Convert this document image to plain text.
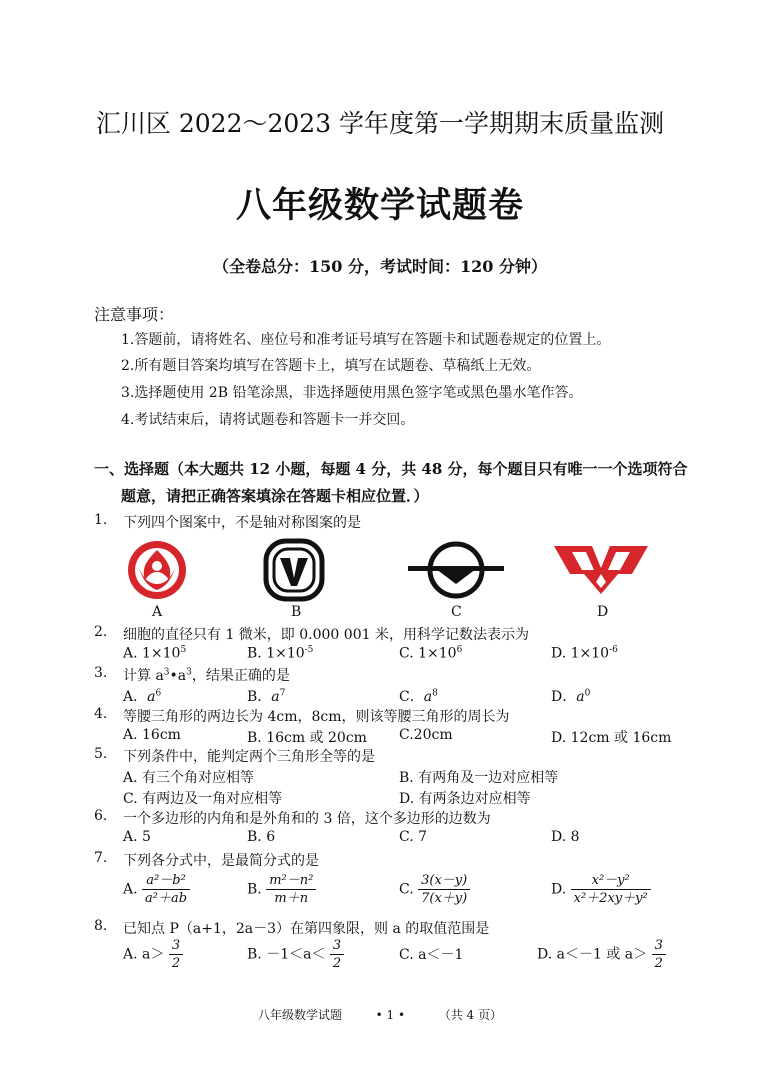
汇川区 2022～2023 学年度第一学期期末质量监测
八年级数学试题卷
（全卷总分：150 分，考试时间：120 分钟）
注意事项：
1.答题前，请将姓名、座位号和准考证号填写在答题卡和试题卷规定的位置上。
2.所有题目答案均填写在答题卡上，填写在试题卷、草稿纸上无效。
3.选择题使用 2B 铅笔涂黑，非选择题使用黑色签字笔或黑色墨水笔作答。
4.考试结束后，请将试题卷和答题卡一并交回。
一、选择题（本大题共 12 小题，每题 4 分，共 48 分，每个题目只有唯一一个选项符合
题意，请把正确答案填涂在答题卡相应位置．）
1. 下列四个图案中，不是轴对称图案的是
A	B	C	D
2. 细胞的直径只有 1 微米，即 0.000 001 米，用科学记数法表示为
A. $1\times 10^5$	B. $1\times 10^{-5}$	C. $1\times 10^6$	D. $1\times 10^{-6}$
3. 计算 $a^3•a^3$，结果正确的是
A．$a^6$	B．$a^7$	C．$a^8$	D．$a^0$
4. 等腰三角形的两边长为 4cm，8cm，则该等腰三角形的周长为
A. 16cm	B. 16cm 或 20cm C.20cm	D. 12cm 或 16cm
5. 下列条件中，能判定两个三角形全等的是
A. 有三个角对应相等	B. 有两角及一边对应相等
C. 有两边及一角对应相等	D. 有两条边对应相等
6. 一个多边形的内角和是外角和的 3 倍，这个多边形的边数为
A. 5	B. 6	C. 7	D. 8
7. 下列各分式中，是最简分式的是
A. $\frac{\text{a²－b²}}{\text{a²＋ab}}$	B. $\frac{\text{m²－n²}}{m+n}$	C. $\frac{3(x-y)}{7(x+y)}$	D. $\frac{\text{x²－y²}}{\text{x²＋2xy＋y²}}$
8. 已知点 P（a+1，2a－3）在第四象限，则 a 的取值范围是
A. $a> \frac{3}{2}$	B. $-1<a< \frac{3}{2}$	C. a＜－1	D. a＜－1 或 $a> \frac{3}{2}$
八年级数学试题	• 1 •	（共 4 页）
